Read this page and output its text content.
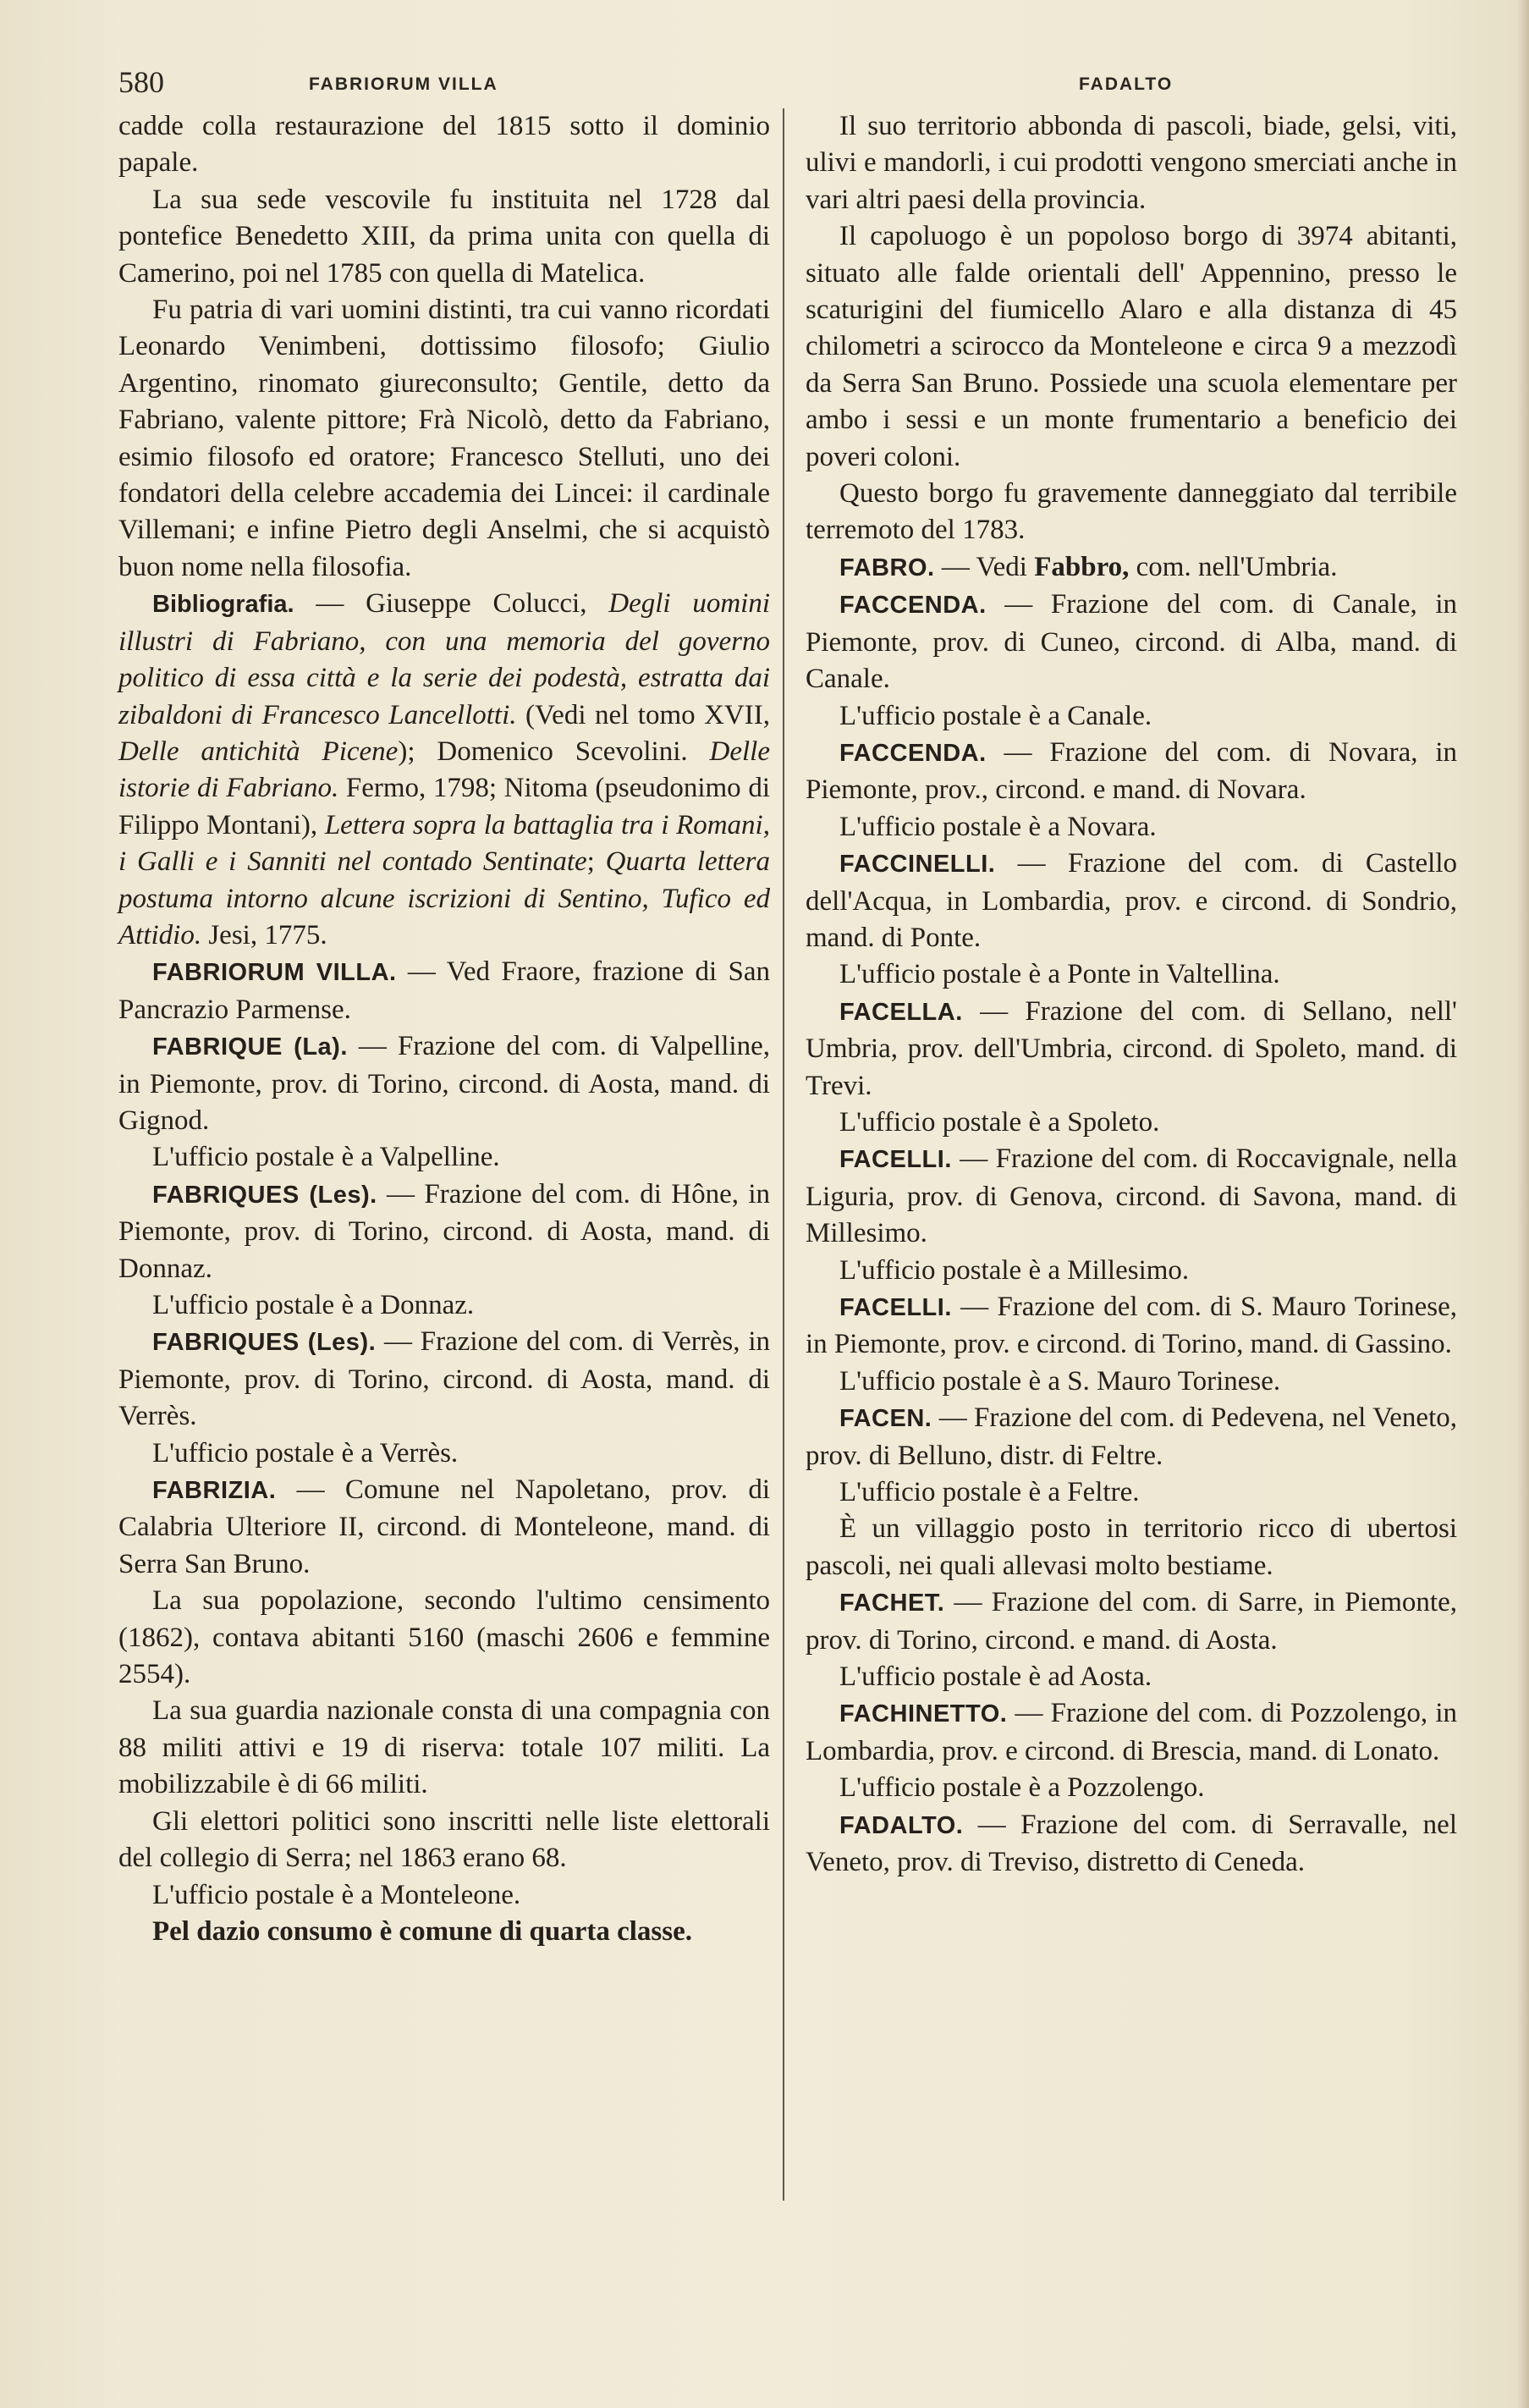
580	FABRIORUM VILLA	FADALTO

cadde colla restaurazione del 1815 sotto il dominio papale.

La sua sede vescovile fu instituita nel 1728 dal pontefice Benedetto XIII, da prima unita con quella di Camerino, poi nel 1785 con quella di Matelica.

Fu patria di vari uomini distinti, tra cui vanno ricordati Leonardo Venimbeni, dottissimo filosofo; Giulio Argentino, rinomato giureconsulto; Gentile, detto da Fabriano, valente pittore; Frà Nicolò, detto da Fabriano, esimio filosofo ed oratore; Francesco Stelluti, uno dei fondatori della celebre accademia dei Lincei: il cardinale Villemani; e infine Pietro degli Anselmi, che si acquistò buon nome nella filosofia.

Bibliografia. — Giuseppe Colucci, Degli uomini illustri di Fabriano, con una memoria del governo politico di essa città e la serie dei podestà, estratta dai zibaldoni di Francesco Lancellotti. (Vedi nel tomo XVII, Delle antichità Picene); Domenico Scevolini. Delle istorie di Fabriano. Fermo, 1798; Nitoma (pseudonimo di Filippo Montani), Lettera sopra la battaglia tra i Romani, i Galli e i Sanniti nel contado Sentinate; Quarta lettera postuma intorno alcune iscrizioni di Sentino, Tufico ed Attidio. Jesi, 1775.

FABRIORUM VILLA. — Ved Fraore, frazione di San Pancrazio Parmense.

FABRIQUE (La). — Frazione del com. di Valpelline, in Piemonte, prov. di Torino, circond. di Aosta, mand. di Gignod.

L'ufficio postale è a Valpelline.

FABRIQUES (Les). — Frazione del com. di Hône, in Piemonte, prov. di Torino, circond. di Aosta, mand. di Donnaz.

L'ufficio postale è a Donnaz.

FABRIQUES (Les). — Frazione del com. di Verrès, in Piemonte, prov. di Torino, circond. di Aosta, mand. di Verrès.

L'ufficio postale è a Verrès.

FABRIZIA. — Comune nel Napoletano, prov. di Calabria Ulteriore II, circond. di Monteleone, mand. di Serra San Bruno.

La sua popolazione, secondo l'ultimo censimento (1862), contava abitanti 5160 (maschi 2606 e femmine 2554).

La sua guardia nazionale consta di una compagnia con 88 militi attivi e 19 di riserva: totale 107 militi. La mobilizzabile è di 66 militi.

Gli elettori politici sono inscritti nelle liste elettorali del collegio di Serra; nel 1863 erano 68.

L'ufficio postale è a Monteleone.

Pel dazio consumo è comune di quarta classe.

Il suo territorio abbonda di pascoli, biade, gelsi, viti, ulivi e mandorli, i cui prodotti vengono smerciati anche in vari altri paesi della provincia.

Il capoluogo è un popoloso borgo di 3974 abitanti, situato alle falde orientali dell' Appennino, presso le scaturigini del fiumicello Alaro e alla distanza di 45 chilometri a scirocco da Monteleone e circa 9 a mezzodì da Serra San Bruno. Possiede una scuola elementare per ambo i sessi e un monte frumentario a beneficio dei poveri coloni.

Questo borgo fu gravemente danneggiato dal terribile terremoto del 1783.

FABRO. — Vedi Fabbro, com. nell'Umbria.

FACCENDA. — Frazione del com. di Canale, in Piemonte, prov. di Cuneo, circond. di Alba, mand. di Canale.

L'ufficio postale è a Canale.

FACCENDA. — Frazione del com. di Novara, in Piemonte, prov., circond. e mand. di Novara.

L'ufficio postale è a Novara.

FACCINELLI. — Frazione del com. di Castello dell'Acqua, in Lombardia, prov. e circond. di Sondrio, mand. di Ponte.

L'ufficio postale è a Ponte in Valtellina.

FACELLA. — Frazione del com. di Sellano, nell' Umbria, prov. dell'Umbria, circond. di Spoleto, mand. di Trevi.

L'ufficio postale è a Spoleto.

FACELLI. — Frazione del com. di Roccavignale, nella Liguria, prov. di Genova, circond. di Savona, mand. di Millesimo.

L'ufficio postale è a Millesimo.

FACELLI. — Frazione del com. di S. Mauro Torinese, in Piemonte, prov. e circond. di Torino, mand. di Gassino.

L'ufficio postale è a S. Mauro Torinese.

FACEN. — Frazione del com. di Pedevena, nel Veneto, prov. di Belluno, distr. di Feltre.

L'ufficio postale è a Feltre.

È un villaggio posto in territorio ricco di ubertosi pascoli, nei quali allevasi molto bestiame.

FACHET. — Frazione del com. di Sarre, in Piemonte, prov. di Torino, circond. e mand. di Aosta.

L'ufficio postale è ad Aosta.

FACHINETTO. — Frazione del com. di Pozzolengo, in Lombardia, prov. e circond. di Brescia, mand. di Lonato.

L'ufficio postale è a Pozzolengo.

FADALTO. — Frazione del com. di Serravalle, nel Veneto, prov. di Treviso, distretto di Ceneda.
